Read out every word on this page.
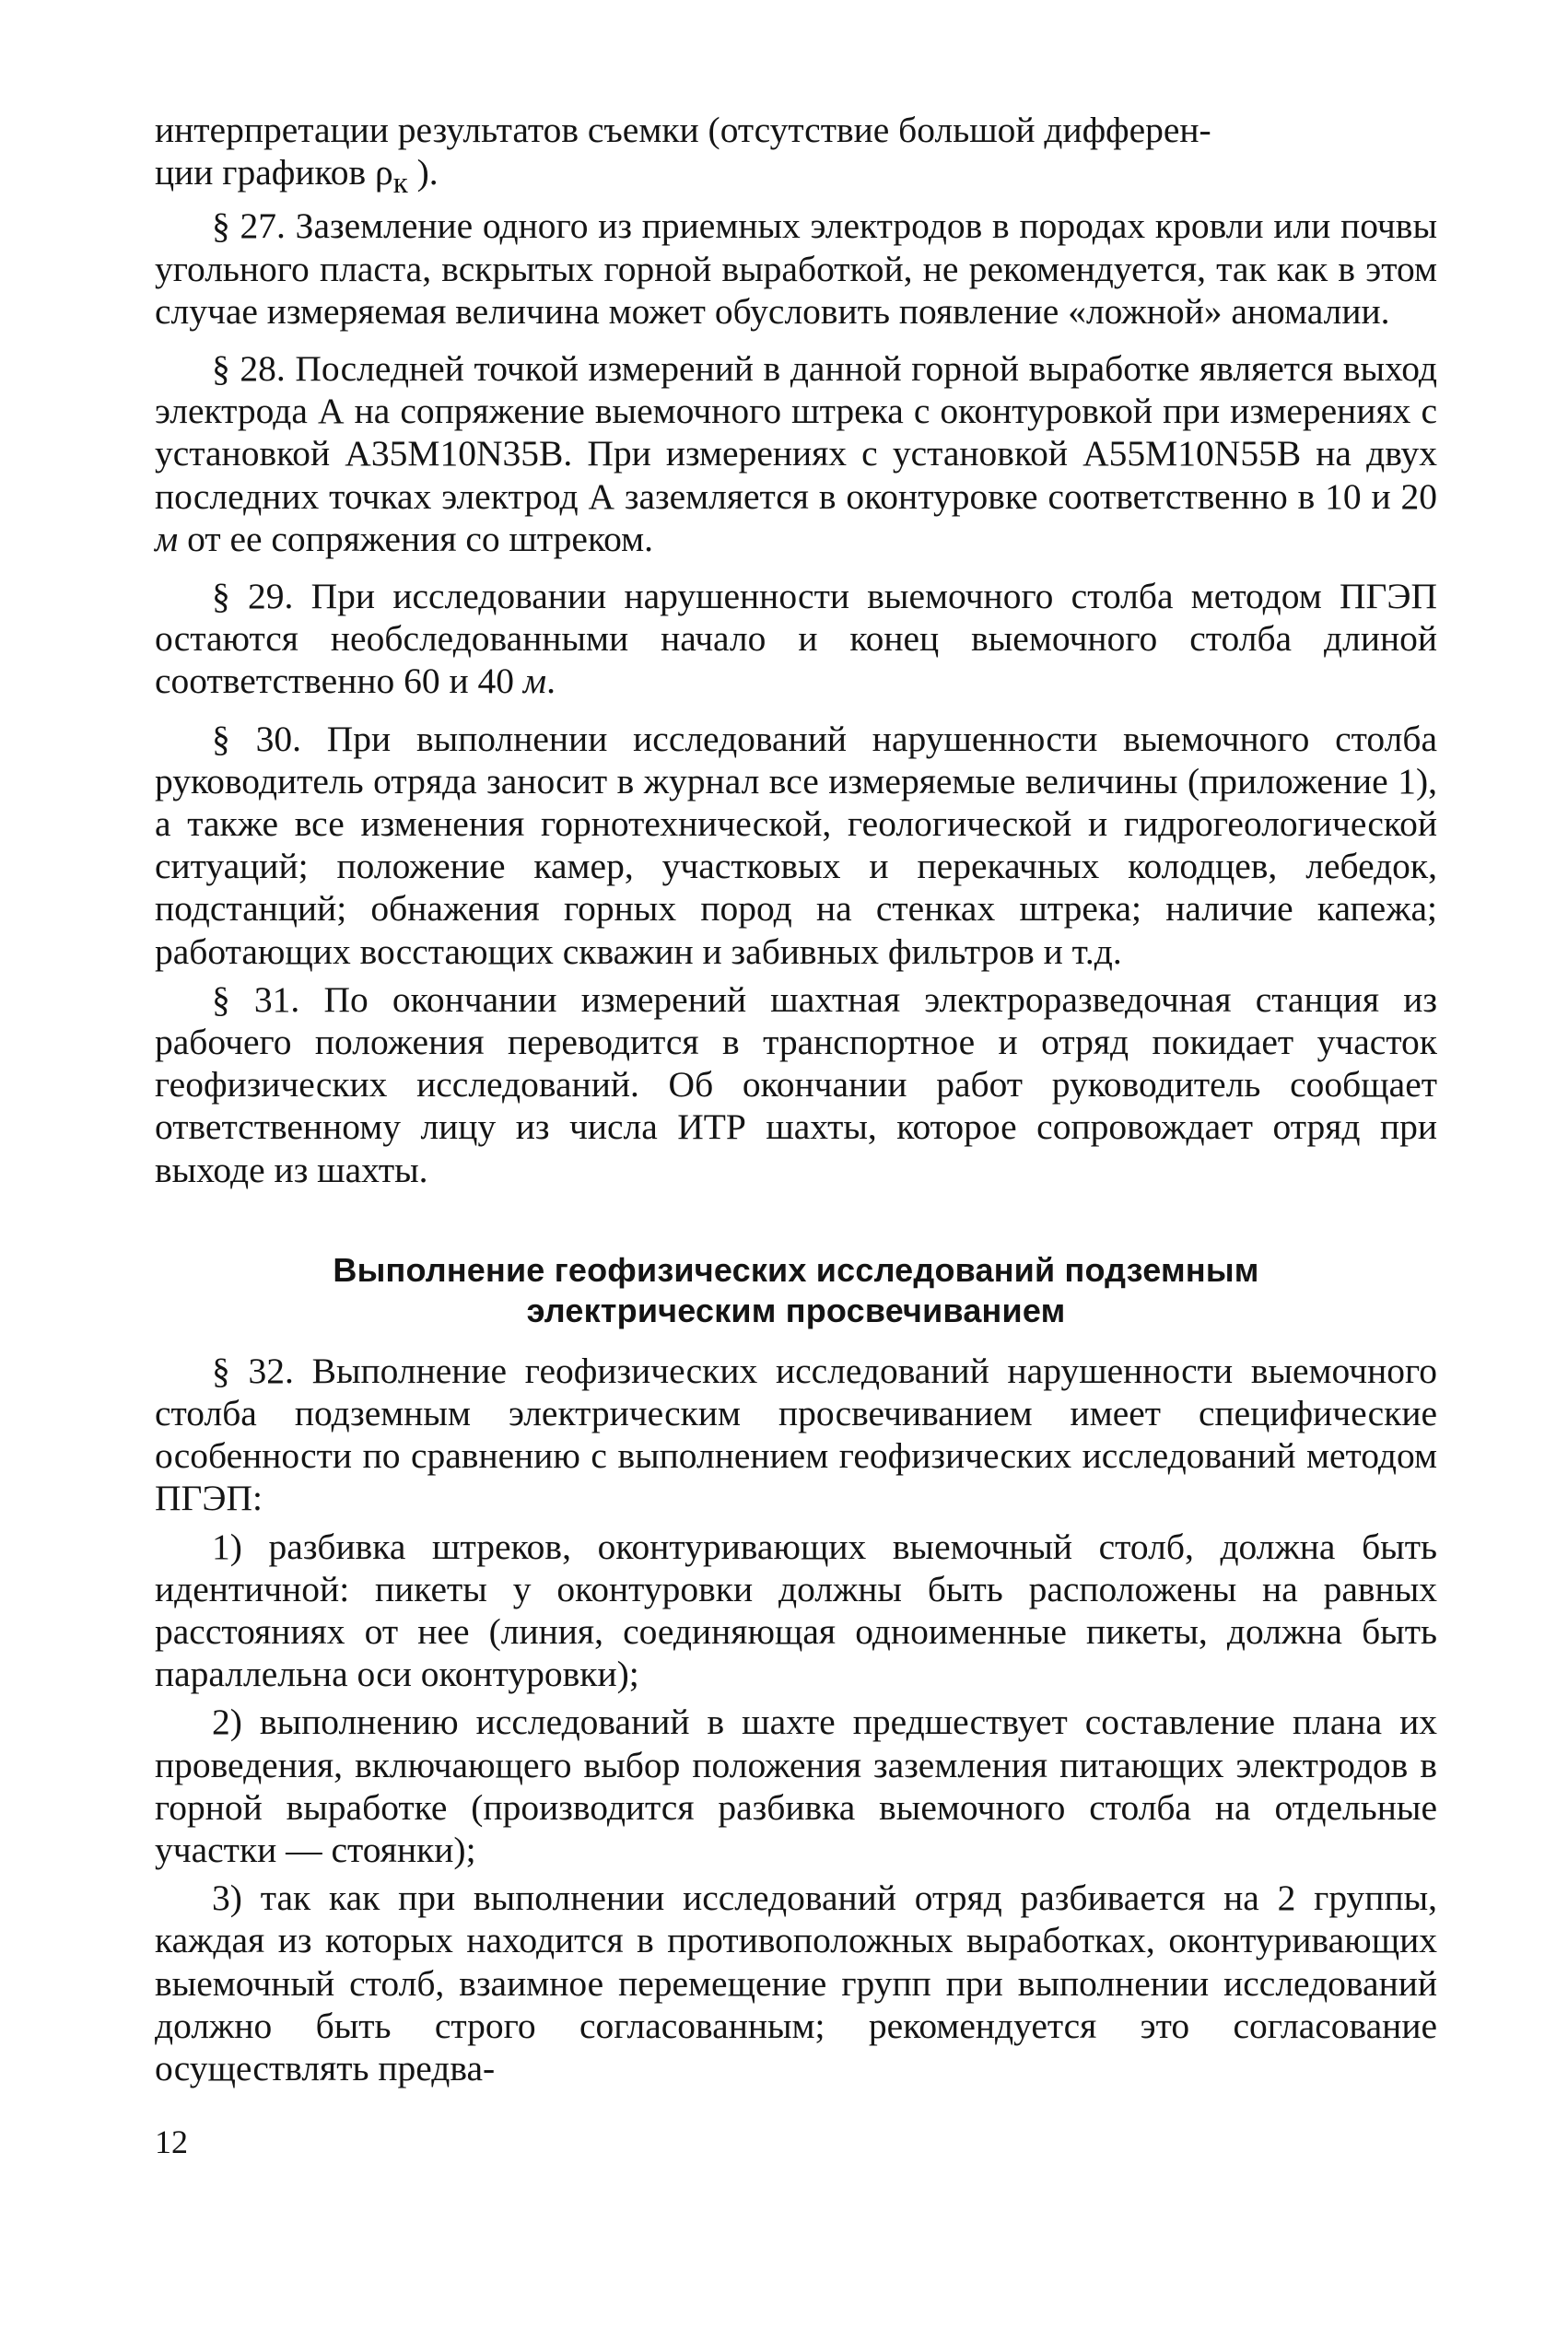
интерпретации результатов съемки (отсутствие большой дифферен-
ции графиков $\rho_к$ ).

§ 27. Заземление одного из приемных электродов в породах кровли или почвы угольного пласта, вскрытых горной выработкой, не рекомендуется, так как в этом случае измеряемая величина может обусловить появление «ложной» аномалии.

§ 28. Последней точкой измерений в данной горной выработке является выход электрода А на сопряжение выемочного штрека с оконтуровкой при измерениях с установкой A35M10N35B. При измерениях с установкой A55M10N55B на двух последних точках электрод А заземляется в оконтуровке соответственно в 10 и 20 м от ее сопряжения со штреком.

§ 29. При исследовании нарушенности выемочного столба методом ПГЭП остаются необследованными начало и конец выемочного столба длиной соответственно 60 и 40 м.

§ 30. При выполнении исследований нарушенности выемочного столба руководитель отряда заносит в журнал все измеряемые величины (приложение 1), а также все изменения горнотехнической, геологической и гидрогеологической ситуаций; положение камер, участковых и перекачных колодцев, лебедок, подстанций; обнажения горных пород на стенках штрека; наличие капежа; работающих восстающих скважин и забивных фильтров и т.д.

§ 31. По окончании измерений шахтная электроразведочная станция из рабочего положения переводится в транспортное и отряд покидает участок геофизических исследований. Об окончании работ руководитель сообщает ответственному лицу из числа ИТР шахты, которое сопровождает отряд при выходе из шахты.

Выполнение геофизических исследований подземным
электрическим просвечиванием

§ 32. Выполнение геофизических исследований нарушенности выемочного столба подземным электрическим просвечиванием имеет специфические особенности по сравнению с выполнением геофизических исследований методом ПГЭП:

1) разбивка штреков, оконтуривающих выемочный столб, должна быть идентичной: пикеты у оконтуровки должны быть расположены на равных расстояниях от нее (линия, соединяющая одноименные пикеты, должна быть параллельна оси оконтуровки);

2) выполнению исследований в шахте предшествует составление плана их проведения, включающего выбор положения заземления питающих электродов в горной выработке (производится разбивка выемочного столба на отдельные участки — стоянки);

3) так как при выполнении исследований отряд разбивается на 2 группы, каждая из которых находится в противоположных выработках, оконтуривающих выемочный столб, взаимное перемещение групп при выполнении исследований должно быть строго согласованным; рекомендуется это согласование осуществлять предва-

12
